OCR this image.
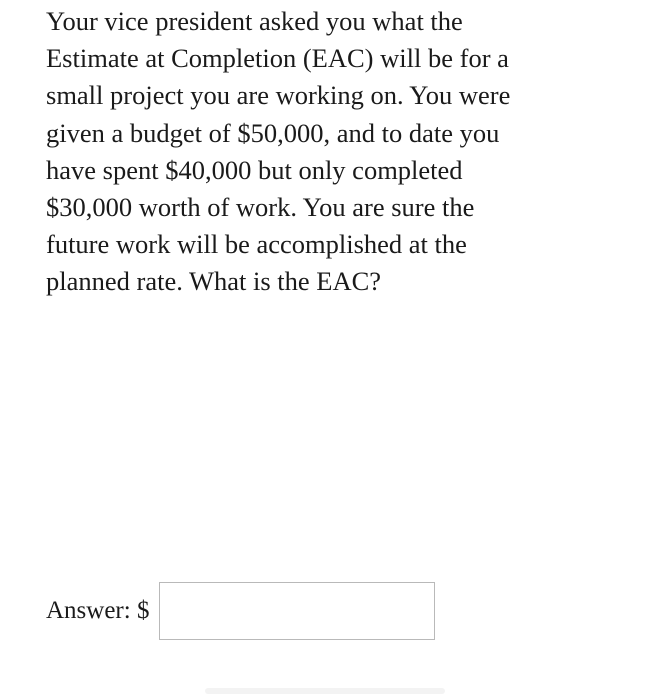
Your vice president asked you what the
Estimate at Completion (EAC) will be for a
small project you are working on. You were
given a budget of $50,000, and to date you
have spent $40,000 but only completed
$30,000 worth of work. You are sure the
future work will be accomplished at the
planned rate. What is the EAC?

Answer: $
